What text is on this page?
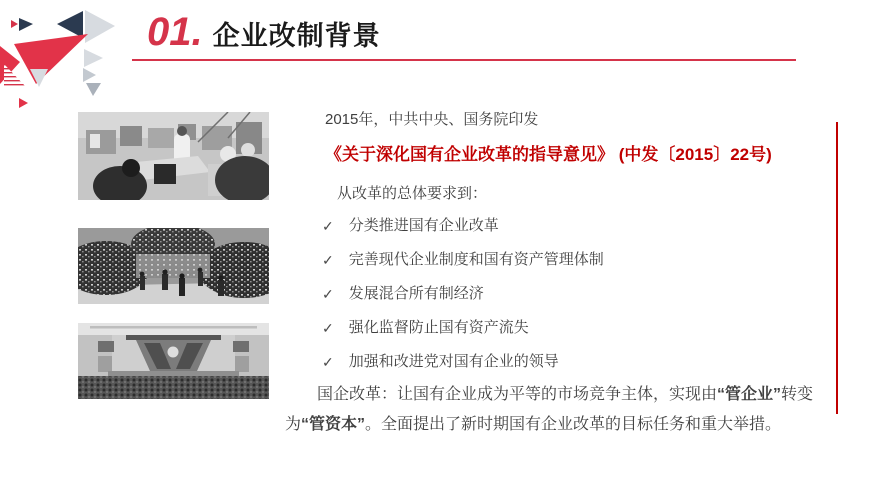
01. 企业改制背景

2015年，中共中央、国务院印发

《关于深化国有企业改革的指导意见》 (中发〔2015〕22号)

从改革的总体要求到：

✓ 分类推进国有企业改革
✓ 完善现代企业制度和国有资产管理体制
✓ 发展混合所有制经济
✓ 强化监督防止国有资产流失
✓ 加强和改进党对国有企业的领导

国企改革：让国有企业成为平等的市场竞争主体，实现由“管企业”转变为“管资本”。全面提出了新时期国有企业改革的目标任务和重大举措。
